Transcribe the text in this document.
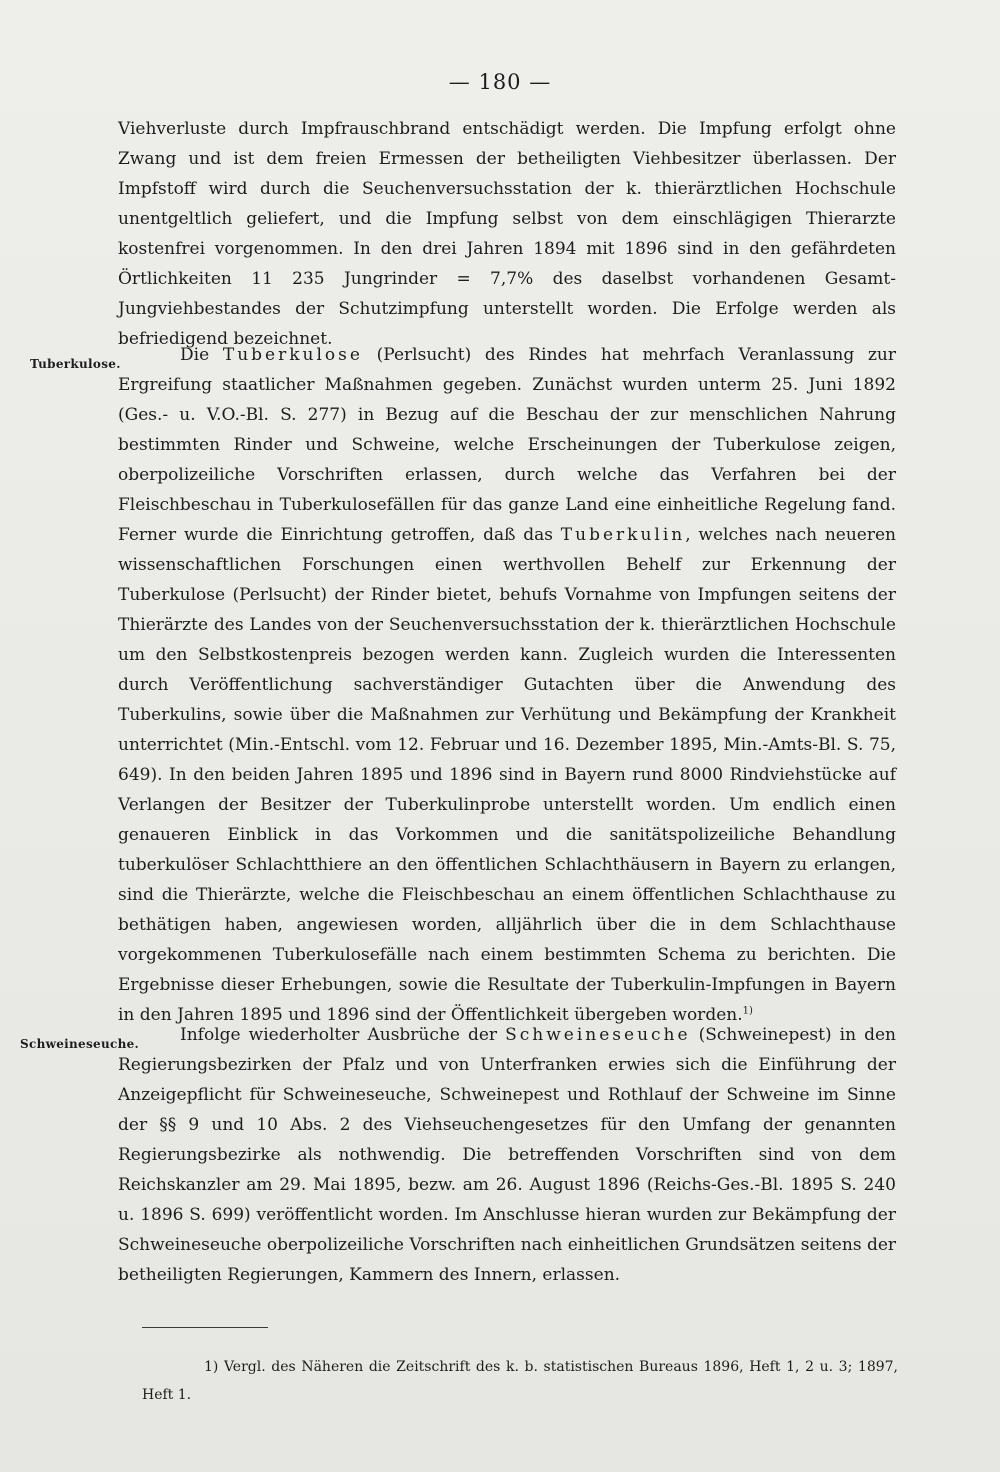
— 180 —

Viehverluste durch Impfrauschbrand entschädigt werden. Die Impfung erfolgt ohne Zwang und ist dem freien Ermessen der betheiligten Viehbesitzer überlassen. Der Impfstoff wird durch die Seuchenversuchsstation der k. thierärztlichen Hochschule unentgeltlich geliefert, und die Impfung selbst von dem einschlägigen Thierarzte kostenfrei vorgenommen. In den drei Jahren 1894 mit 1896 sind in den gefährdeten Örtlichkeiten 11 235 Jungrinder = 7,7% des daselbst vorhandenen Gesamt-Jungviehbestandes der Schutzimpfung unterstellt worden. Die Erfolge werden als befriedigend bezeichnet.

Tuberkulose.	Die Tuberkulose (Perlsucht) des Rindes hat mehrfach Veranlassung zur Ergreifung staatlicher Maßnahmen gegeben. Zunächst wurden unterm 25. Juni 1892 (Ges.- u. V.O.-Bl. S. 277) in Bezug auf die Beschau der zur menschlichen Nahrung bestimmten Rinder und Schweine, welche Erscheinungen der Tuberkulose zeigen, oberpolizeiliche Vorschriften erlassen, durch welche das Verfahren bei der Fleischbeschau in Tuberkulosefällen für das ganze Land eine einheitliche Regelung fand. Ferner wurde die Einrichtung getroffen, daß das Tuberkulin, welches nach neueren wissenschaftlichen Forschungen einen werthvollen Behelf zur Erkennung der Tuberkulose (Perlsucht) der Rinder bietet, behufs Vornahme von Impfungen seitens der Thierärzte des Landes von der Seuchenversuchsstation der k. thierärztlichen Hochschule um den Selbstkostenpreis bezogen werden kann. Zugleich wurden die Interessenten durch Veröffentlichung sachverständiger Gutachten über die Anwendung des Tuberkulins, sowie über die Maßnahmen zur Verhütung und Bekämpfung der Krankheit unterrichtet (Min.-Entschl. vom 12. Februar und 16. Dezember 1895, Min.-Amts-Bl. S. 75, 649). In den beiden Jahren 1895 und 1896 sind in Bayern rund 8000 Rindviehstücke auf Verlangen der Besitzer der Tuberkulinprobe unterstellt worden. Um endlich einen genaueren Einblick in das Vorkommen und die sanitätspolizeiliche Behandlung tuberkulöser Schlachtthiere an den öffentlichen Schlachthäusern in Bayern zu erlangen, sind die Thierärzte, welche die Fleischbeschau an einem öffentlichen Schlachthause zu bethätigen haben, angewiesen worden, alljährlich über die in dem Schlachthause vorgekommenen Tuberkulosefälle nach einem bestimmten Schema zu berichten. Die Ergebnisse dieser Erhebungen, sowie die Resultate der Tuberkulin-Impfungen in Bayern in den Jahren 1895 und 1896 sind der Öffentlichkeit übergeben worden.$^{1)}$

Schweineseuche.	Infolge wiederholter Ausbrüche der Schweineseuche (Schweinepest) in den Regierungsbezirken der Pfalz und von Unterfranken erwies sich die Einführung der Anzeigepflicht für Schweineseuche, Schweinepest und Rothlauf der Schweine im Sinne der §§ 9 und 10 Abs. 2 des Viehseuchengesetzes für den Umfang der genannten Regierungsbezirke als nothwendig. Die betreffenden Vorschriften sind von dem Reichskanzler am 29. Mai 1895, bezw. am 26. August 1896 (Reichs-Ges.-Bl. 1895 S. 240 u. 1896 S. 699) veröffentlicht worden. Im Anschlusse hieran wurden zur Bekämpfung der Schweineseuche oberpolizeiliche Vorschriften nach einheitlichen Grundsätzen seitens der betheiligten Regierungen, Kammern des Innern, erlassen.

1) Vergl. des Näheren die Zeitschrift des k. b. statistischen Bureaus 1896, Heft 1, 2 u. 3; 1897, Heft 1.
